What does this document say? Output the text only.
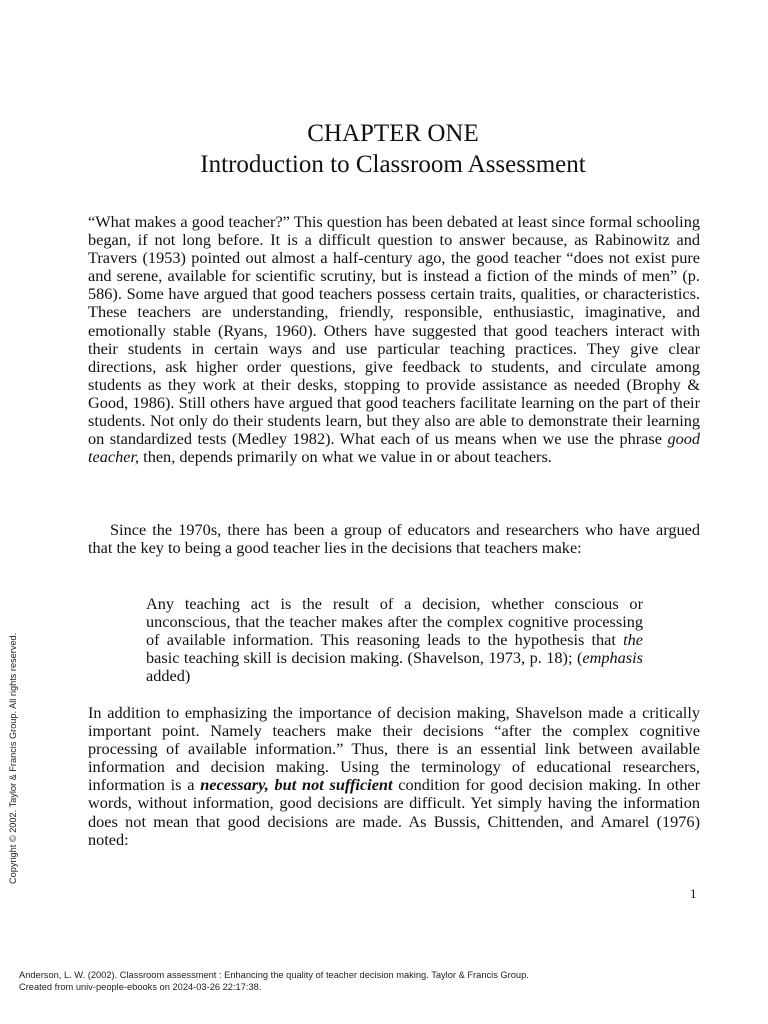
CHAPTER ONE
Introduction to Classroom Assessment

“What makes a good teacher?” This question has been debated at least since formal schooling began, if not long before. It is a difficult question to answer because, as Rabinowitz and Travers (1953) pointed out almost a half-century ago, the good teacher “does not exist pure and serene, available for scientific scrutiny, but is instead a fiction of the minds of men” (p. 586). Some have argued that good teachers possess certain traits, qualities, or characteristics. These teachers are understanding, friendly, responsible, enthusiastic, imaginative, and emotionally stable (Ryans, 1960). Others have suggested that good teachers interact with their students in certain ways and use particular teaching practices. They give clear directions, ask higher order questions, give feedback to students, and circulate among students as they work at their desks, stopping to provide assistance as needed (Brophy & Good, 1986). Still others have argued that good teachers facilitate learning on the part of their students. Not only do their students learn, but they also are able to demonstrate their learning on standardized tests (Medley 1982). What each of us means when we use the phrase good teacher, then, depends primarily on what we value in or about teachers.

Since the 1970s, there has been a group of educators and researchers who have argued that the key to being a good teacher lies in the decisions that teachers make:

Any teaching act is the result of a decision, whether conscious or unconscious, that the teacher makes after the complex cognitive processing of available information. This reasoning leads to the hypothesis that the basic teaching skill is decision making. (Shavelson, 1973, p. 18); (emphasis added)

In addition to emphasizing the importance of decision making, Shavelson made a critically important point. Namely teachers make their decisions “after the complex cognitive processing of available information.” Thus, there is an essential link between available information and decision making. Using the terminology of educational researchers, information is a necessary, but not sufficient condition for good decision making. In other words, without information, good decisions are difficult. Yet simply having the information does not mean that good decisions are made. As Bussis, Chittenden, and Amarel (1976) noted:

1
Copyright © 2002. Taylor & Francis Group. All rights reserved.
Anderson, L. W. (2002). Classroom assessment : Enhancing the quality of teacher decision making. Taylor & Francis Group.
Created from univ-people-ebooks on 2024-03-26 22:17:38.
